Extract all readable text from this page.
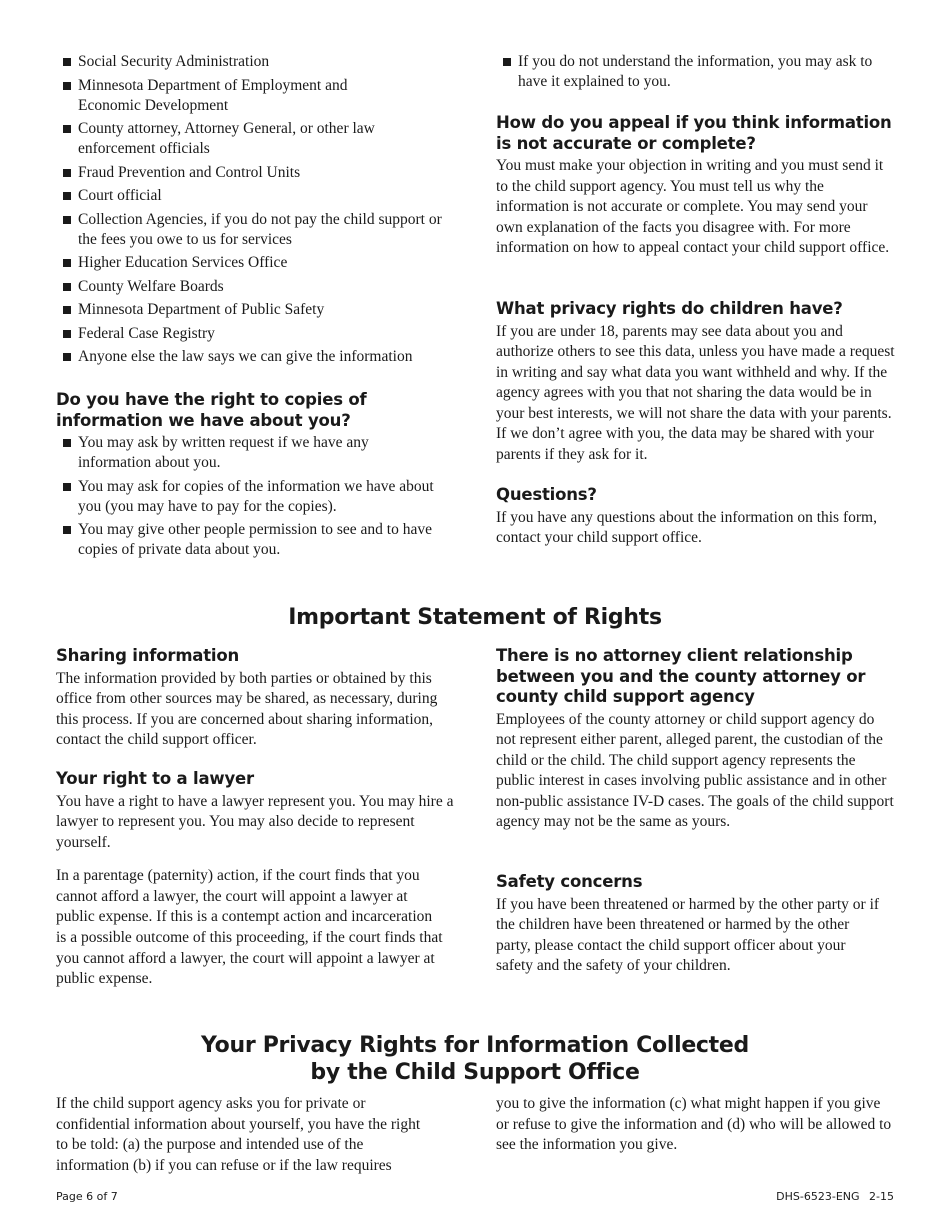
Social Security Administration
Minnesota Department of Employment and Economic Development
County attorney, Attorney General, or other law enforcement officials
Fraud Prevention and Control Units
Court official
Collection Agencies, if you do not pay the child support or the fees you owe to us for services
Higher Education Services Office
County Welfare Boards
Minnesota Department of Public Safety
Federal Case Registry
Anyone else the law says we can give the information
Do you have the right to copies of information we have about you?
You may ask by written request if we have any information about you.
You may ask for copies of the information we have about you (you may have to pay for the copies).
You may give other people permission to see and to have copies of private data about you.
If you do not understand the information, you may ask to have it explained to you.
How do you appeal if you think information is not accurate or complete?

You must make your objection in writing and you must send it to the child support agency. You must tell us why the information is not accurate or complete. You may send your own explanation of the facts you disagree with. For more information on how to appeal contact your child support office.

What privacy rights do children have?

If you are under 18, parents may see data about you and authorize others to see this data, unless you have made a request in writing and say what data you want withheld and why. If the agency agrees with you that not sharing the data would be in your best interests, we will not share the data with your parents. If we don’t agree with you, the data may be shared with your parents if they ask for it.

Questions?

If you have any questions about the information on this form, contact your child support office.

Important Statement of Rights
Sharing information

The information provided by both parties or obtained by this office from other sources may be shared, as necessary, during this process. If you are concerned about sharing information, contact the child support officer.

Your right to a lawyer

You have a right to have a lawyer represent you. You may hire a lawyer to represent you. You may also decide to represent yourself.

In a parentage (paternity) action, if the court finds that you cannot afford a lawyer, the court will appoint a lawyer at public expense. If this is a contempt action and incarceration is a possible outcome of this proceeding, if the court finds that you cannot afford a lawyer, the court will appoint a lawyer at public expense.

There is no attorney client relationship between you and the county attorney or county child support agency

Employees of the county attorney or child support agency do not represent either parent, alleged parent, the custodian of the child or the child. The child support agency represents the public interest in cases involving public assistance and in other non-public assistance IV-D cases. The goals of the child support agency may not be the same as yours.

Safety concerns

If you have been threatened or harmed by the other party or if the children have been threatened or harmed by the other party, please contact the child support officer about your safety and the safety of your children.

Your Privacy Rights for Information Collected
by the Child Support Office

If the child support agency asks you for private or confidential information about yourself, you have the right to be told: (a) the purpose and intended use of the information (b) if you can refuse or if the law requires

you to give the information (c) what might happen if you give or refuse to give the information and (d) who will be allowed to see the information you give.

Page 6 of 7	DHS-6523-ENG 2-15
